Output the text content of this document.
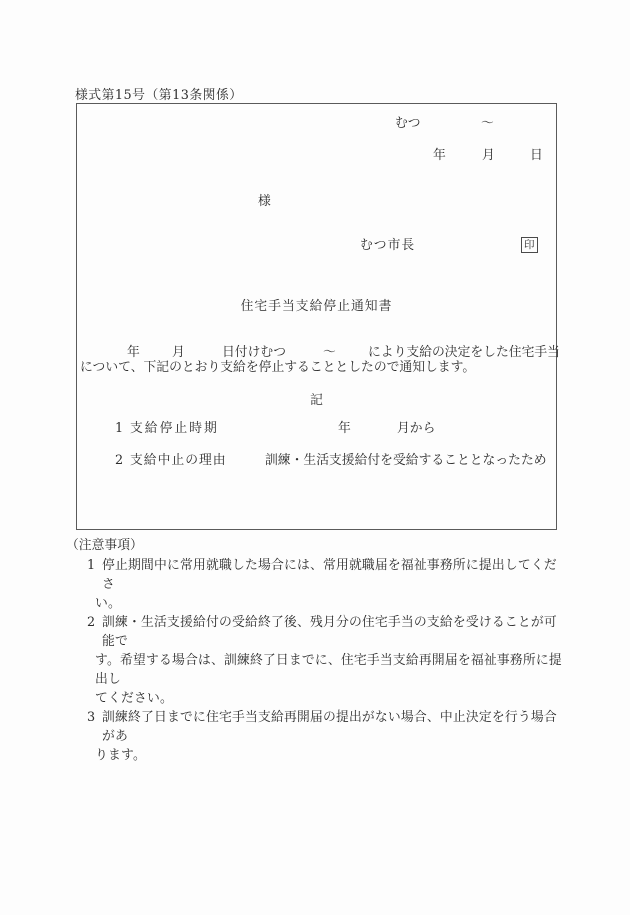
様式第15号（第13条関係）
むつ	～
年	月	日
様
むつ市長	印
住宅手当支給停止通知書
年	月	日付けむつ	～	により支給の決定をした住宅手当
について、下記のとおり支給を停止することとしたので通知します。
記
1 支給停止時期	年	月から
2 支給中止の理由	訓練・生活支援給付を受給することとなったため
（注意事項）
1 停止期間中に常用就職した場合には、常用就職届を福祉事務所に提出してくださ
い。
2 訓練・生活支援給付の受給終了後、残月分の住宅手当の支給を受けることが可能で
す。希望する場合は、訓練終了日までに、住宅手当支給再開届を福祉事務所に提出し
てください。
3 訓練終了日までに住宅手当支給再開届の提出がない場合、中止決定を行う場合があ
ります。
